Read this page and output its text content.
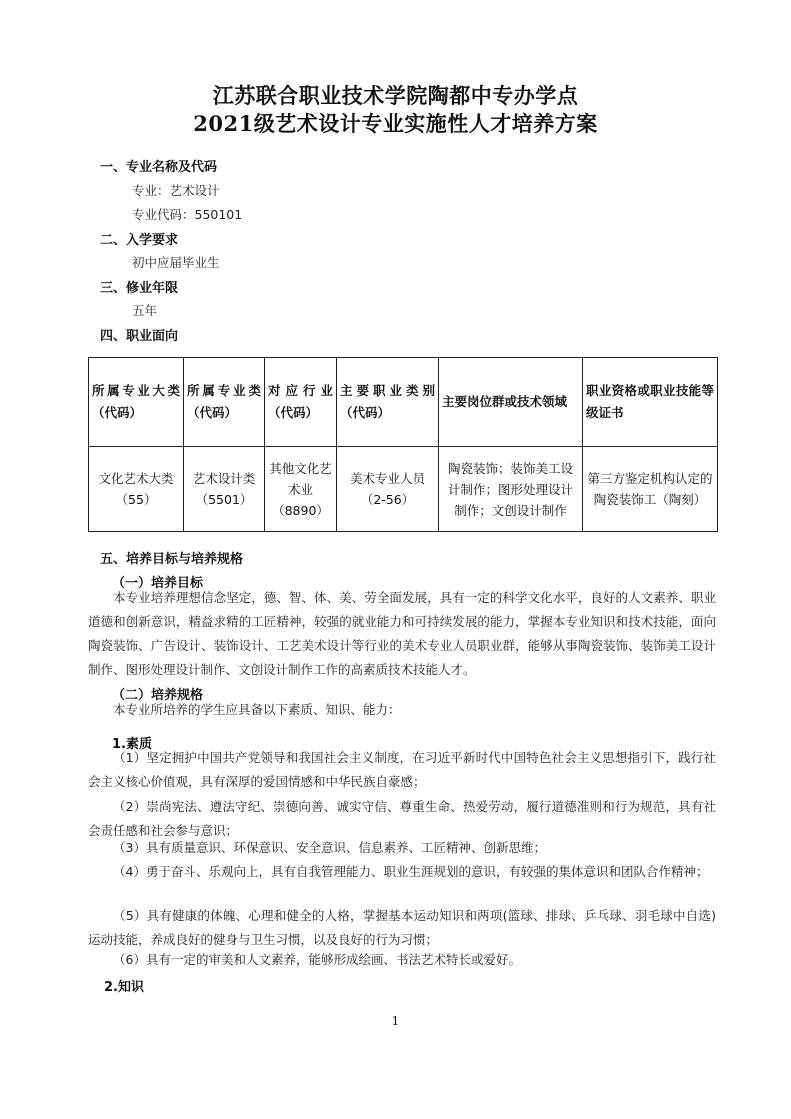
江苏联合职业技术学院陶都中专办学点
2021级艺术设计专业实施性人才培养方案
一、专业名称及代码
专业：艺术设计
专业代码：550101
二、入学要求
初中应届毕业生
三、修业年限
五年
四、职业面向
所属专业大类（代码）	所属专业类（代码）	对应行业（代码）	主要职业类别（代码）	主要岗位群或技术领域	职业资格或职业技能等级证书
文化艺术大类（55）	艺术设计类（5501）	其他文化艺术业（8890）	美术专业人员（2-56）	陶瓷装饰；装饰美工设计制作；图形处理设计制作；文创设计制作	第三方鉴定机构认定的陶瓷装饰工（陶刻）
五、培养目标与培养规格
（一）培养目标
本专业培养理想信念坚定，德、智、体、美、劳全面发展，具有一定的科学文化水平，良好的人文素养、职业道德和创新意识，精益求精的工匠精神，较强的就业能力和可持续发展的能力，掌握本专业知识和技术技能，面向陶瓷装饰、广告设计、装饰设计、工艺美术设计等行业的美术专业人员职业群，能够从事陶瓷装饰、装饰美工设计制作、图形处理设计制作、文创设计制作工作的高素质技术技能人才。
（二）培养规格
本专业所培养的学生应具备以下素质、知识、能力：
1.素质
（1）坚定拥护中国共产党领导和我国社会主义制度，在习近平新时代中国特色社会主义思想指引下，践行社会主义核心价值观，具有深厚的爱国情感和中华民族自豪感；
（2）崇尚宪法、遵法守纪、崇德向善、诚实守信、尊重生命、热爱劳动，履行道德准则和行为规范，具有社会责任感和社会参与意识；
（3）具有质量意识、环保意识、安全意识、信息素养、工匠精神、创新思维；
（4）勇于奋斗、乐观向上，具有自我管理能力、职业生涯规划的意识，有较强的集体意识和团队合作精神；
（5）具有健康的体魄、心理和健全的人格，掌握基本运动知识和两项(篮球、排球、乒乓球、羽毛球中自选)运动技能，养成良好的健身与卫生习惯，以及良好的行为习惯；
（6）具有一定的审美和人文素养，能够形成绘画、书法艺术特长或爱好。
2.知识
1
